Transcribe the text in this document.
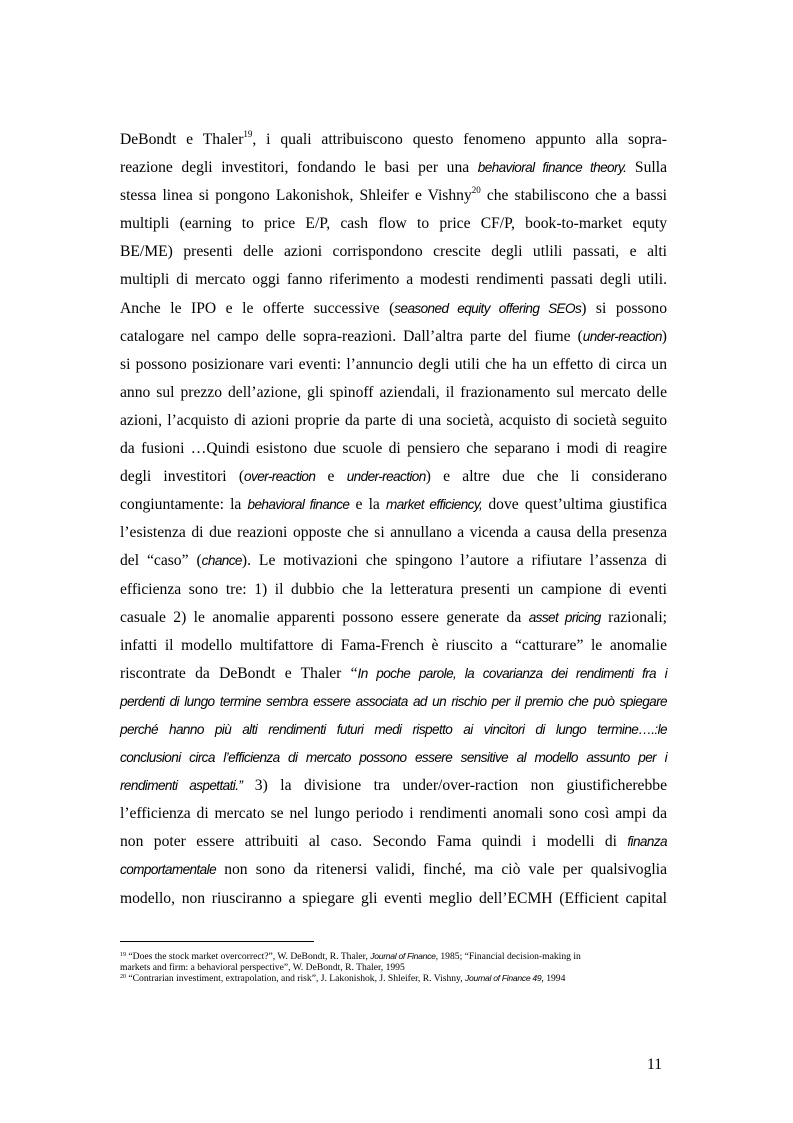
DeBondt e Thaler$^{19}$, i quali attribuiscono questo fenomeno appunto alla sopra-
reazione degli investitori, fondando le basi per una behavioral finance theory. Sulla
stessa linea si pongono Lakonishok, Shleifer e Vishny$^{20}$ che stabiliscono che a bassi
multipli (earning to price E/P, cash flow to price CF/P, book-to-market equty
BE/ME) presenti delle azioni corrispondono crescite degli utlili passati, e alti
multipli di mercato oggi fanno riferimento a modesti rendimenti passati degli utili.
Anche le IPO e le offerte successive (seasoned equity offering SEOs) si possono
catalogare nel campo delle sopra-reazioni. Dall’altra parte del fiume (under-reaction)
si possono posizionare vari eventi: l’annuncio degli utili che ha un effetto di circa un
anno sul prezzo dell’azione, gli spinoff aziendali, il frazionamento sul mercato delle
azioni, l’acquisto di azioni proprie da parte di una società, acquisto di società seguito
da fusioni …Quindi esistono due scuole di pensiero che separano i modi di reagire
degli investitori (over-reaction e under-reaction) e altre due che li considerano
congiuntamente: la behavioral finance e la market efficiency, dove quest’ultima giustifica
l’esistenza di due reazioni opposte che si annullano a vicenda a causa della presenza
del “caso” (chance). Le motivazioni che spingono l’autore a rifiutare l’assenza di
efficienza sono tre: 1) il dubbio che la letteratura presenti un campione di eventi
casuale 2) le anomalie apparenti possono essere generate da asset pricing razionali;
infatti il modello multifattore di Fama-French è riuscito a “catturare” le anomalie
riscontrate da DeBondt e Thaler “In poche parole, la covarianza dei rendimenti fra i
perdenti di lungo termine sembra essere associata ad un rischio per il premio che può spiegare
perché hanno più alti rendimenti futuri medi rispetto ai vincitori di lungo termine….:le
conclusioni circa l’efficienza di mercato possono essere sensitive al modello assunto per i
rendimenti aspettati.” 3) la divisione tra under/over-raction non giustificherebbe
l’efficienza di mercato se nel lungo periodo i rendimenti anomali sono così ampi da
non poter essere attribuiti al caso. Secondo Fama quindi i modelli di finanza
comportamentale non sono da ritenersi validi, finché, ma ciò vale per qualsivoglia
modello, non riusciranno a spiegare gli eventi meglio dell’ECMH (Efficient capital
$^{19}$ “Does the stock market overcorrect?”, W. DeBondt, R. Thaler, Journal of Finance, 1985; “Financial decision-making in
markets and firm: a behavioral perspective”, W. DeBondt, R. Thaler, 1995
$^{20}$ “Contrarian investiment, extrapolation, and risk”, J. Lakonishok, J. Shleifer, R. Vishny, Journal of Finance 49, 1994
11
